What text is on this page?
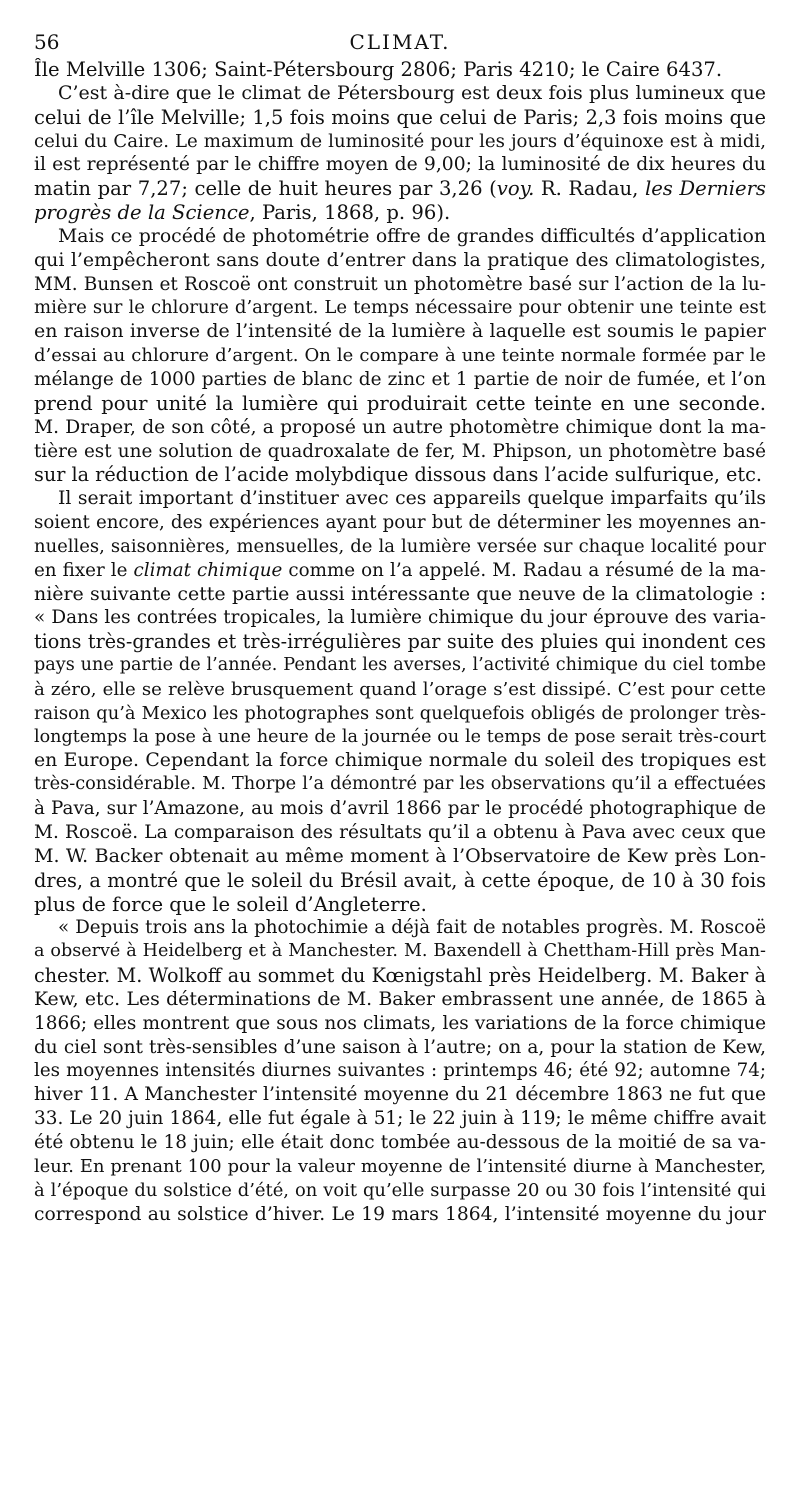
56	CLIMAT.
Île Melville 1306; Saint-Pétersbourg 2806; Paris 4210; le Caire 6437.
C’est à-dire que le climat de Pétersbourg est deux fois plus lumineux que
celui de l’île Melville; 1,5 fois moins que celui de Paris; 2,3 fois moins que
celui du Caire. Le maximum de luminosité pour les jours d’équinoxe est à midi,
il est représenté par le chiffre moyen de 9,00; la luminosité de dix heures du
matin par 7,27; celle de huit heures par 3,26 (voy. R. Radau, les Derniers
progrès de la Science, Paris, 1868, p. 96).
Mais ce procédé de photométrie offre de grandes difficultés d’application
qui l’empêcheront sans doute d’entrer dans la pratique des climatologistes,
MM. Bunsen et Roscoë ont construit un photomètre basé sur l’action de la lu-
mière sur le chlorure d’argent. Le temps nécessaire pour obtenir une teinte est
en raison inverse de l’intensité de la lumière à laquelle est soumis le papier
d’essai au chlorure d’argent. On le compare à une teinte normale formée par le
mélange de 1000 parties de blanc de zinc et 1 partie de noir de fumée, et l’on
prend pour unité la lumière qui produirait cette teinte en une seconde.
M. Draper, de son côté, a proposé un autre photomètre chimique dont la ma-
tière est une solution de quadroxalate de fer, M. Phipson, un photomètre basé
sur la réduction de l’acide molybdique dissous dans l’acide sulfurique, etc.
Il serait important d’instituer avec ces appareils quelque imparfaits qu’ils
soient encore, des expériences ayant pour but de déterminer les moyennes an-
nuelles, saisonnières, mensuelles, de la lumière versée sur chaque localité pour
en fixer le climat chimique comme on l’a appelé. M. Radau a résumé de la ma-
nière suivante cette partie aussi intéressante que neuve de la climatologie :
« Dans les contrées tropicales, la lumière chimique du jour éprouve des varia-
tions très-grandes et très-irrégulières par suite des pluies qui inondent ces
pays une partie de l’année. Pendant les averses, l’activité chimique du ciel tombe
à zéro, elle se relève brusquement quand l’orage s’est dissipé. C’est pour cette
raison qu’à Mexico les photographes sont quelquefois obligés de prolonger très-
longtemps la pose à une heure de la journée ou le temps de pose serait très-court
en Europe. Cependant la force chimique normale du soleil des tropiques est
très-considérable. M. Thorpe l’a démontré par les observations qu’il a effectuées
à Pava, sur l’Amazone, au mois d’avril 1866 par le procédé photographique de
M. Roscoë. La comparaison des résultats qu’il a obtenu à Pava avec ceux que
M. W. Backer obtenait au même moment à l’Observatoire de Kew près Lon-
dres, a montré que le soleil du Brésil avait, à cette époque, de 10 à 30 fois
plus de force que le soleil d’Angleterre.
« Depuis trois ans la photochimie a déjà fait de notables progrès. M. Roscoë
a observé à Heidelberg et à Manchester. M. Baxendell à Chettham-Hill près Man-
chester. M. Wolkoff au sommet du Kœnigstahl près Heidelberg. M. Baker à
Kew, etc. Les déterminations de M. Baker embrassent une année, de 1865 à
1866; elles montrent que sous nos climats, les variations de la force chimique
du ciel sont très-sensibles d’une saison à l’autre; on a, pour la station de Kew,
les moyennes intensités diurnes suivantes : printemps 46; été 92; automne 74;
hiver 11. A Manchester l’intensité moyenne du 21 décembre 1863 ne fut que
33. Le 20 juin 1864, elle fut égale à 51; le 22 juin à 119; le même chiffre avait
été obtenu le 18 juin; elle était donc tombée au-dessous de la moitié de sa va-
leur. En prenant 100 pour la valeur moyenne de l’intensité diurne à Manchester,
à l’époque du solstice d’été, on voit qu’elle surpasse 20 ou 30 fois l’intensité qui
correspond au solstice d’hiver. Le 19 mars 1864, l’intensité moyenne du jour
